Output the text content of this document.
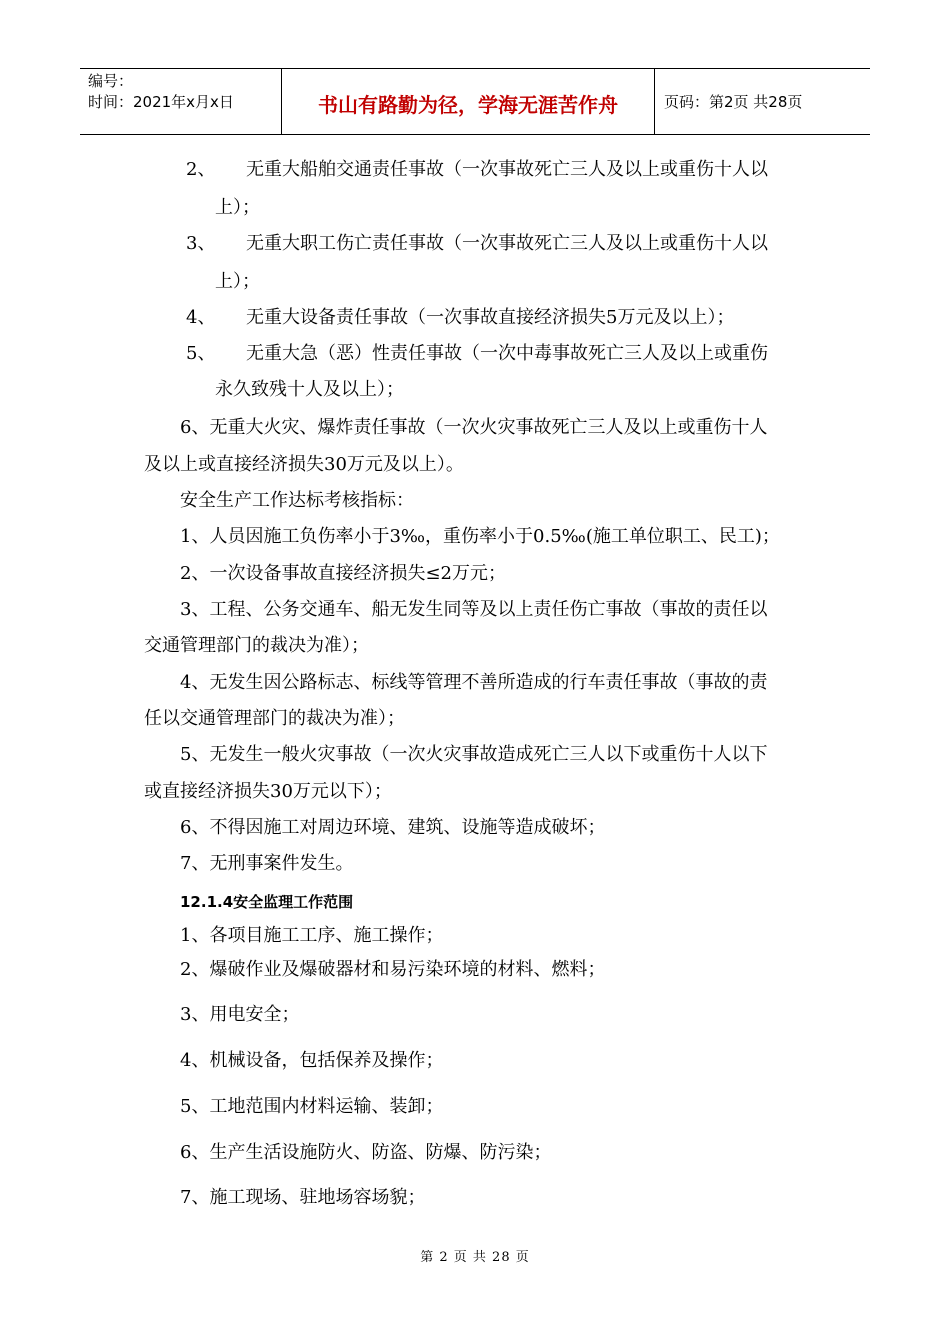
编号：
时间：2021年x月x日	书山有路勤为径，学海无涯苦作舟	页码：第2页 共28页
2、 无重大船舶交通责任事故（一次事故死亡三人及以上或重伤十人以
上）；
3、 无重大职工伤亡责任事故（一次事故死亡三人及以上或重伤十人以
上）；
4、 无重大设备责任事故（一次事故直接经济损失5万元及以上）；
5、 无重大急（恶）性责任事故（一次中毒事故死亡三人及以上或重伤
永久致残十人及以上）；
6、无重大火灾、爆炸责任事故（一次火灾事故死亡三人及以上或重伤十人
及以上或直接经济损失30万元及以上）。
安全生产工作达标考核指标：
1、人员因施工负伤率小于3‰，重伤率小于0.5‰(施工单位职工、民工)；
2、一次设备事故直接经济损失≤2万元；
3、工程、公务交通车、船无发生同等及以上责任伤亡事故（事故的责任以
交通管理部门的裁决为准）；
4、无发生因公路标志、标线等管理不善所造成的行车责任事故（事故的责
任以交通管理部门的裁决为准）；
5、无发生一般火灾事故（一次火灾事故造成死亡三人以下或重伤十人以下
或直接经济损失30万元以下）；
6、不得因施工对周边环境、建筑、设施等造成破坏；
7、无刑事案件发生。
12.1.4安全监理工作范围
1、各项目施工工序、施工操作；
2、爆破作业及爆破器材和易污染环境的材料、燃料；
3、用电安全；
4、机械设备，包括保养及操作；
5、工地范围内材料运输、装卸；
6、生产生活设施防火、防盗、防爆、防污染；
7、施工现场、驻地场容场貌；
第 2 页 共 28 页
